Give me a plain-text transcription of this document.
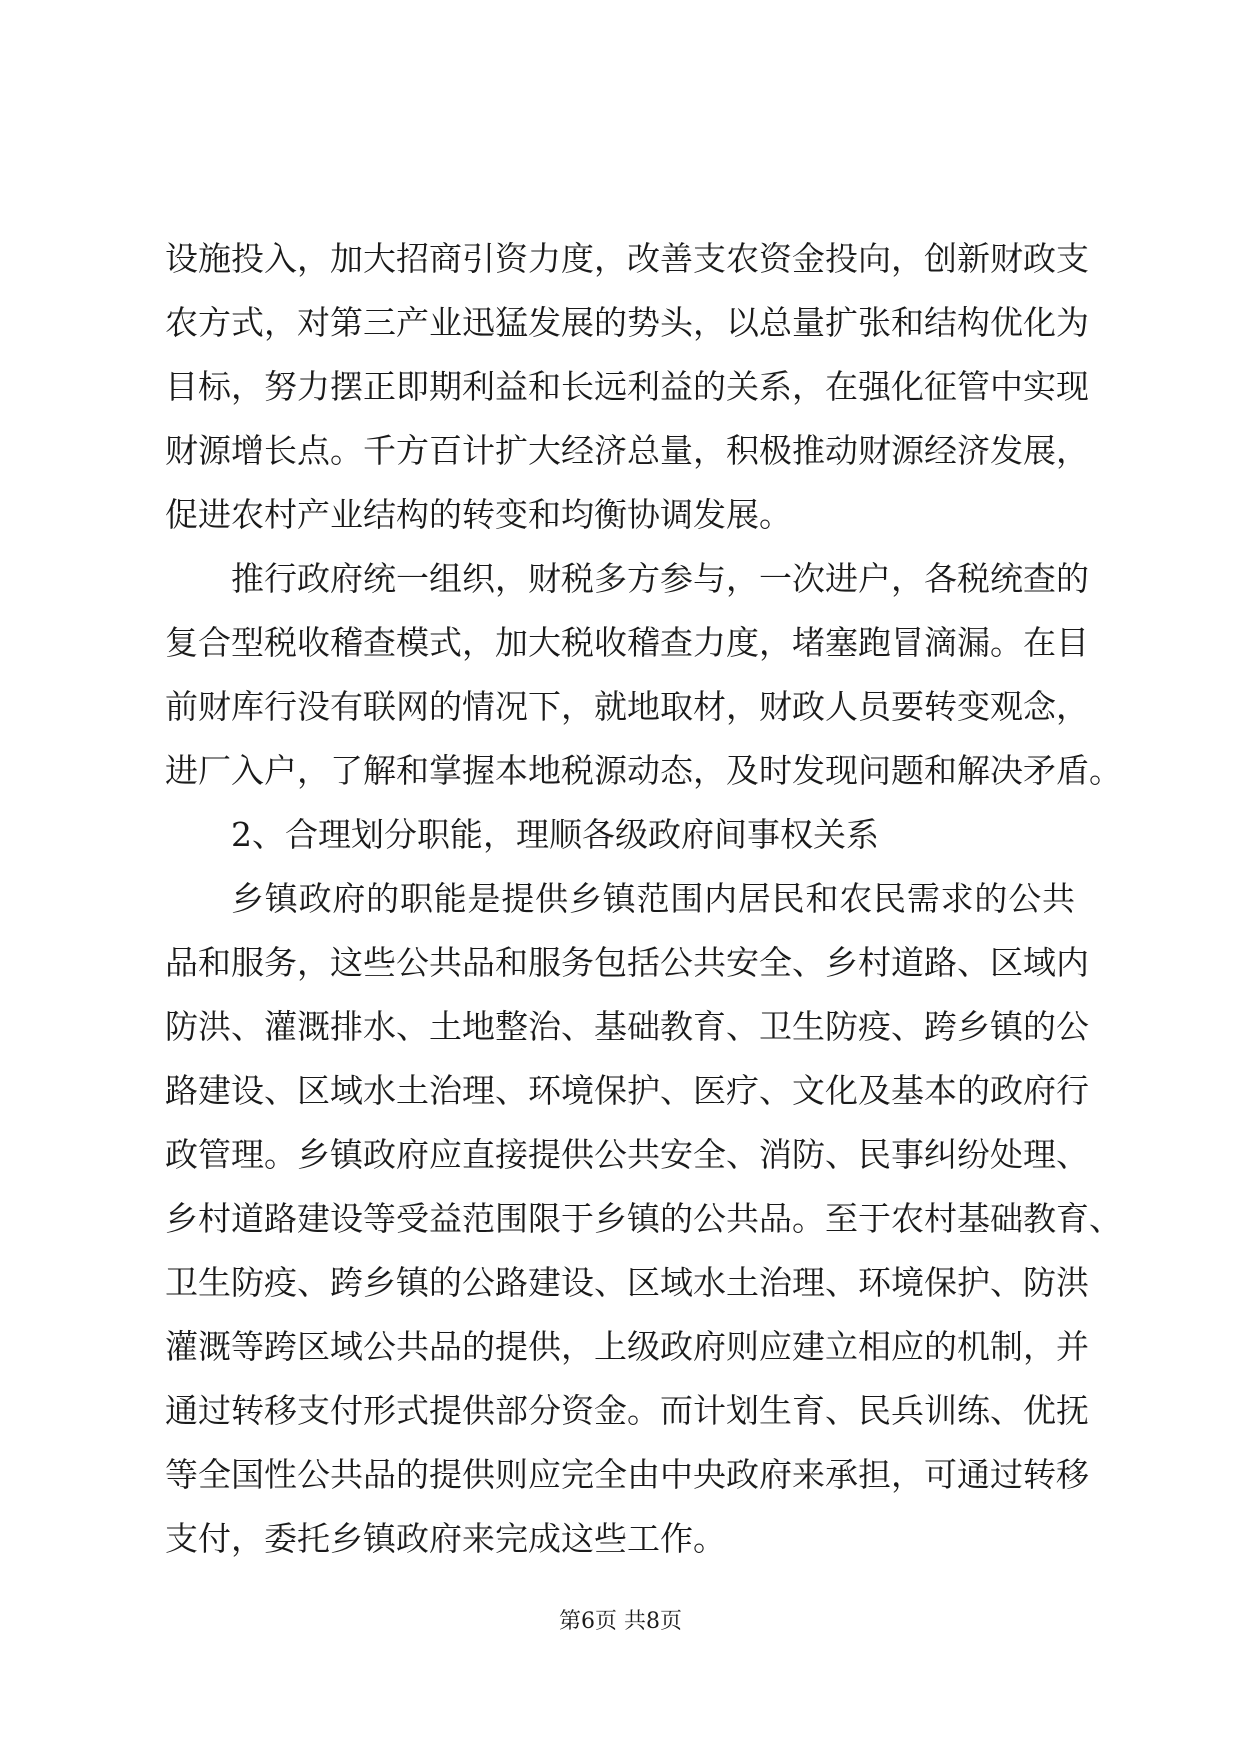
设施投入，加大招商引资力度，改善支农资金投向，创新财政支
农方式，对第三产业迅猛发展的势头，以总量扩张和结构优化为
目标，努力摆正即期利益和长远利益的关系，在强化征管中实现
财源增长点。千方百计扩大经济总量，积极推动财源经济发展，
促进农村产业结构的转变和均衡协调发展。
推行政府统一组织，财税多方参与，一次进户，各税统查的
复合型税收稽查模式，加大税收稽查力度，堵塞跑冒滴漏。在目
前财库行没有联网的情况下，就地取材，财政人员要转变观念，
进厂入户，了解和掌握本地税源动态，及时发现问题和解决矛盾。
2、合理划分职能，理顺各级政府间事权关系
乡镇政府的职能是提供乡镇范围内居民和农民需求的公共
品和服务，这些公共品和服务包括公共安全、乡村道路、区域内
防洪、灌溉排水、土地整治、基础教育、卫生防疫、跨乡镇的公
路建设、区域水土治理、环境保护、医疗、文化及基本的政府行
政管理。乡镇政府应直接提供公共安全、消防、民事纠纷处理、
乡村道路建设等受益范围限于乡镇的公共品。至于农村基础教育、
卫生防疫、跨乡镇的公路建设、区域水土治理、环境保护、防洪
灌溉等跨区域公共品的提供，上级政府则应建立相应的机制，并
通过转移支付形式提供部分资金。而计划生育、民兵训练、优抚
等全国性公共品的提供则应完全由中央政府来承担，可通过转移
支付，委托乡镇政府来完成这些工作。
第6页 共8页
